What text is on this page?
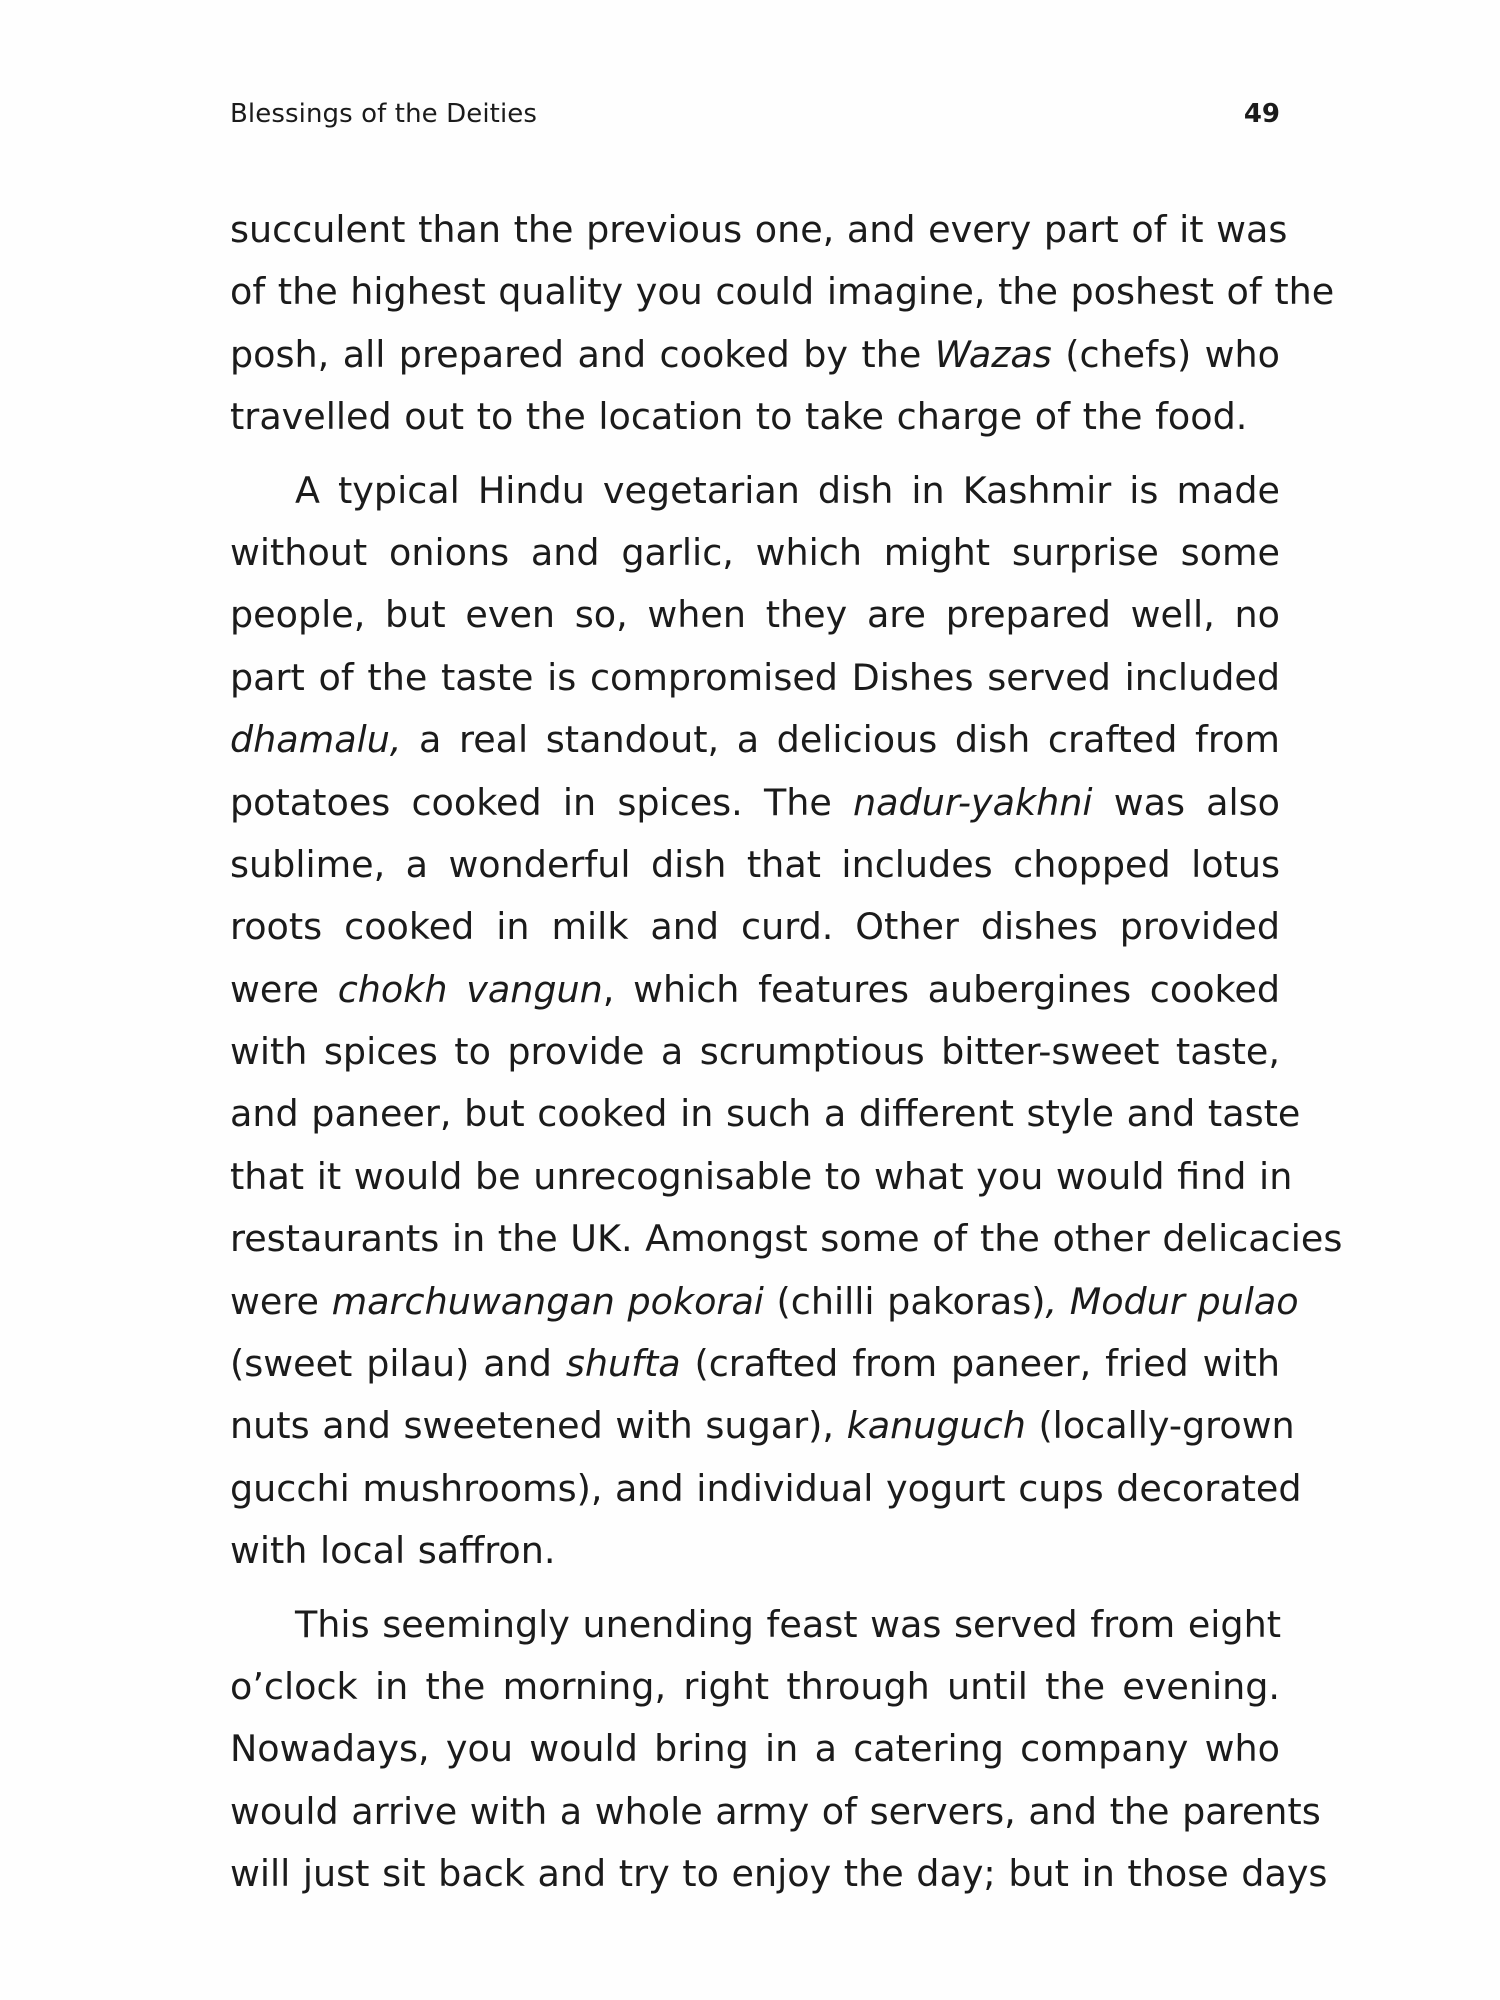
Blessings of the Deities	49
succulent than the previous one, and every part of it was
of the highest quality you could imagine, the poshest of the
posh, all prepared and cooked by the Wazas (chefs) who
travelled out to the location to take charge of the food.
A typical Hindu vegetarian dish in Kashmir is made
without onions and garlic, which might surprise some
people, but even so, when they are prepared well, no
part of the taste is compromised Dishes served included
dhamalu, a real standout, a delicious dish crafted from
potatoes cooked in spices. The nadur-yakhni was also
sublime, a wonderful dish that includes chopped lotus
roots cooked in milk and curd. Other dishes provided
were chokh vangun, which features aubergines cooked
with spices to provide a scrumptious bitter-sweet taste,
and paneer, but cooked in such a different style and taste
that it would be unrecognisable to what you would find in
restaurants in the UK. Amongst some of the other delicacies
were marchuwangan pokorai (chilli pakoras), Modur pulao
(sweet pilau) and shufta (crafted from paneer, fried with
nuts and sweetened with sugar), kanuguch (locally-grown
gucchi mushrooms), and individual yogurt cups decorated
with local saffron.
This seemingly unending feast was served from eight
o’clock in the morning, right through until the evening.
Nowadays, you would bring in a catering company who
would arrive with a whole army of servers, and the parents
will just sit back and try to enjoy the day; but in those days
